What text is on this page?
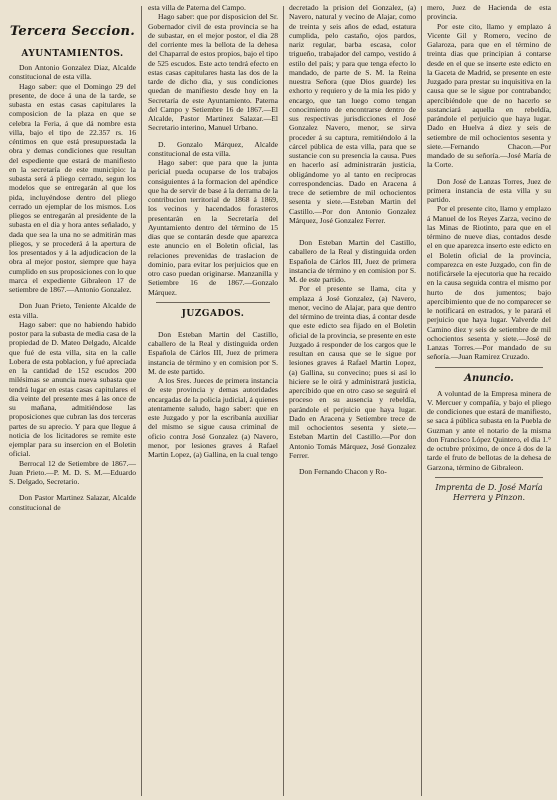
Tercera Seccion.
AYUNTAMIENTOS.

Don Antonio Gonzalez Diaz, Alcalde constitucional de esta villa.

Hago saber: que el Domingo 29 del presente, de doce á una de la tarde, se subasta en estas casas capitulares la composicion de la plaza en que se celebra la Feria, á que dá nombre esta villa, bajo el tipo de 22.357 rs. 16 céntimos en que está presupuestada la obra y demas condiciones que resultan del espediente que estará de manifiesto en la secretaría de este municipio: la subasta será á pliego cerrado, segun los modelos que se entregarán al que los pida, incluyéndose dentro del pliego cerrado un ejemplar de los mismos. Los pliegos se entregarán al presidente de la subasta en el dia y hora antes señalado, y dada que sea la una no se admitirán mas pliegos, y se procederá á la apertura de los presentados y á la adjudicacion de la obra al mejor postor, siempre que haya cumplido en sus proposiciones con lo que marca el expediente Gibraleon 17 de setiembre de 1867.—Antonio Gonzalez.

Don Juan Prieto, Teniente Alcalde de esta villa.

Hago saber: que no habiendo habido postor para la subasta de media casa de la propiedad de D. Mateo Delgado, Alcalde que fué de esta villa, sita en la calle Lobera de esta poblacion, y fué apreciada en la cantidad de 152 escudos 200 milésimas se anuncia nueva subasta que tendrá lugar en estas casas capitulares el dia veinte del presente mes á las once de su mañana, admitiéndose las proposiciones que cubran las dos terceras partes de su aprecio. Y para que llegue á noticia de los licitadores se remite este ejemplar para su insercion en el Boletin oficial.

Berrocal 12 de Setiembre de 1867.—Juan Prieto.—P. M. D. S. M.—Eduardo S. Delgado, Secretario.

Don Pastor Martinez Salazar, Alcalde constitucional de

esta villa de Paterna del Campo.

Hago saber: que por disposicion del Sr. Gobernador civil de esta provincia se ha de subastar, en el mejor postor, el dia 28 del corriente mes la bellota de la dehesa del Chaparral de estos propios, bajo el tipo de 525 escudos. Este acto tendrá efecto en estas casas capitulares hasta las dos de la tarde de dicho dia, y sus condiciones quedan de manifiesto desde hoy en la Secretaría de este Ayuntamiento. Paterna del Campo y Setiembre 16 de 1867.—El Alcalde, Pastor Martinez Salazar.—El Secretario interino, Manuel Urbano.

D. Gonzalo Márquez, Alcalde constitucional de esta villa.

Hago saber: que para que la junta pericial pueda ocuparse de los trabajos consiguientes á la formacion del apéndice que ha de servir de base á la derrama de la contribucion territorial de 1868 á 1869, los vecinos y hacendados forasteros presentarán en la Secretaría del Ayuntamiento dentro del término de 15 dias que se contarán desde que aparezca este anuncio en el Boletin oficial, las relaciones prevenidas de traslacion de dominio, para evitar los perjuicios que en otro caso puedan originarse. Manzanilla y Setiembre 16 de 1867.—Gonzalo Márquez.

JUZGADOS.

Don Esteban Martin del Castillo, caballero de la Real y distinguida orden Española de Cárlos III, Juez de primera instancia de término y en comision por S. M. de este partido.

A los Sres. Jueces de primera instancia de este provincia y demas autoridades encargadas de la policía judicial, á quienes atentamente saludo, hago saber: que en este Juzgado y por la escribanía auxiliar del mismo se sigue causa criminal de oficio contra José Gonzalez (a) Navero, menor, por lesiones graves á Rafael Martin Lopez, (a) Gallina, en la cual tengo

decretado la prision del Gonzalez, (a) Navero, natural y vecino de Alajar, como de treinta y seis años de edad, estatura cumplida, pelo castaño, ojos pardos, nariz regular, barba escasa, color trigueño, trabajador del campo, vestido á estilo del país; y para que tenga efecto lo mandado, de parte de S. M. la Reina nuestra Señora (que Dios guarde) les exhorto y requiero y de la mia les pido y encargo, que tan luego como tengan conocimiento de encontrarse dentro de sus respectivas jurisdicciones el José Gonzalez Navero, menor, se sirva proceder á su captura, remitiéndolo á la cárcel pública de esta villa, para que se sustancie con su presencia la causa. Pues en hacerlo así administrarán justicia, obligándome yo al tanto en recíprocas correspondencias. Dado en Aracena á trece de setiembre de mil ochocientos sesenta y siete.—Esteban Martin del Castillo.—Por don Antonio Gonzalez Márquez, José Gonzalez Ferrer.

Don Esteban Martin del Castillo, caballero de la Real y distinguida orden Española de Cárlos III, Juez de primera instancia de término y en comision por S. M. de este partido.

Por el presente se llama, cita y emplaza á José Gonzalez, (a) Navero, menor, vecino de Alajar, para que dentro del término de treinta dias, á contar desde que este edicto sea fijado en el Boletin oficial de la provincia, se presente en este Juzgado á responder de los cargos que le resultan en causa que se le sigue por lesiones graves á Rafael Martin Lopez, (a) Gallina, su convecino; pues si así lo hiciere se le oirá y administrará justicia, apercibido que en otro caso se seguirá el proceso en su ausencia y rebeldía, parándole el perjuicio que haya lugar. Dado en Aracena y Setiembre trece de mil ochocientos sesenta y siete.—Esteban Martin del Castillo.—Por don Antonio Tomás Márquez, José Gonzalez Ferrer.

Don Fernando Chacon y Ro-

mero, Juez de Hacienda de esta provincia.

Por este cito, llamo y emplazo á Vicente Gil y Romero, vecino de Galaroza, para que en el término de treinta dias que principian á contarse desde en el que se inserte este edicto en la Gaceta de Madrid, se presente en este Juzgado para prestar su inquisitiva en la causa que se le sigue por contrabando; apercibiéndole que de no hacerlo se sustanciará aquella en rebeldía, parándole el perjuicio que haya lugar. Dado en Huelva á diez y seis de setiembre de mil ochocientos sesenta y siete.—Fernando Chacon.—Por mandado de su señoría.—José María de la Corte.

Don José de Lanzas Torres, Juez de primera instancia de esta villa y su partido.

Por el presente cito, llamo y emplazo á Manuel de los Reyes Zarza, vecino de las Minas de Riotinto, para que en el término de nueve dias, contados desde el en que aparezca inserto este edicto en el Boletin oficial de la provincia, comparezca en este Juzgado, con fin de notificársele la ejecutoria que ha recaido en la causa seguida contra el mismo por hurto de dos jumentos; bajo apercibimiento que de no comparecer se le notificará en estrados, y le parará el perjuicio que haya lugar. Valverde del Camino diez y seis de setiembre de mil ochocientos sesenta y siete.—José de Lanzas Torres.—Por mandado de su señoría.—Juan Ramirez Cruzado.

Anuncio.

A voluntad de la Empresa minera de V. Mercuer y compañía, y bajo el pliego de condiciones que estará de manifiesto, se saca á pública subasta en la Puebla de Guzman y ante el notario de la misma don Francisco López Quintero, el dia 1.° de octubre próximo, de once á dos de la tarde el fruto de bellotas de la dehesa de Garzona, término de Gibraleon.

Imprenta de D. José María Herrera y Pinzon.
